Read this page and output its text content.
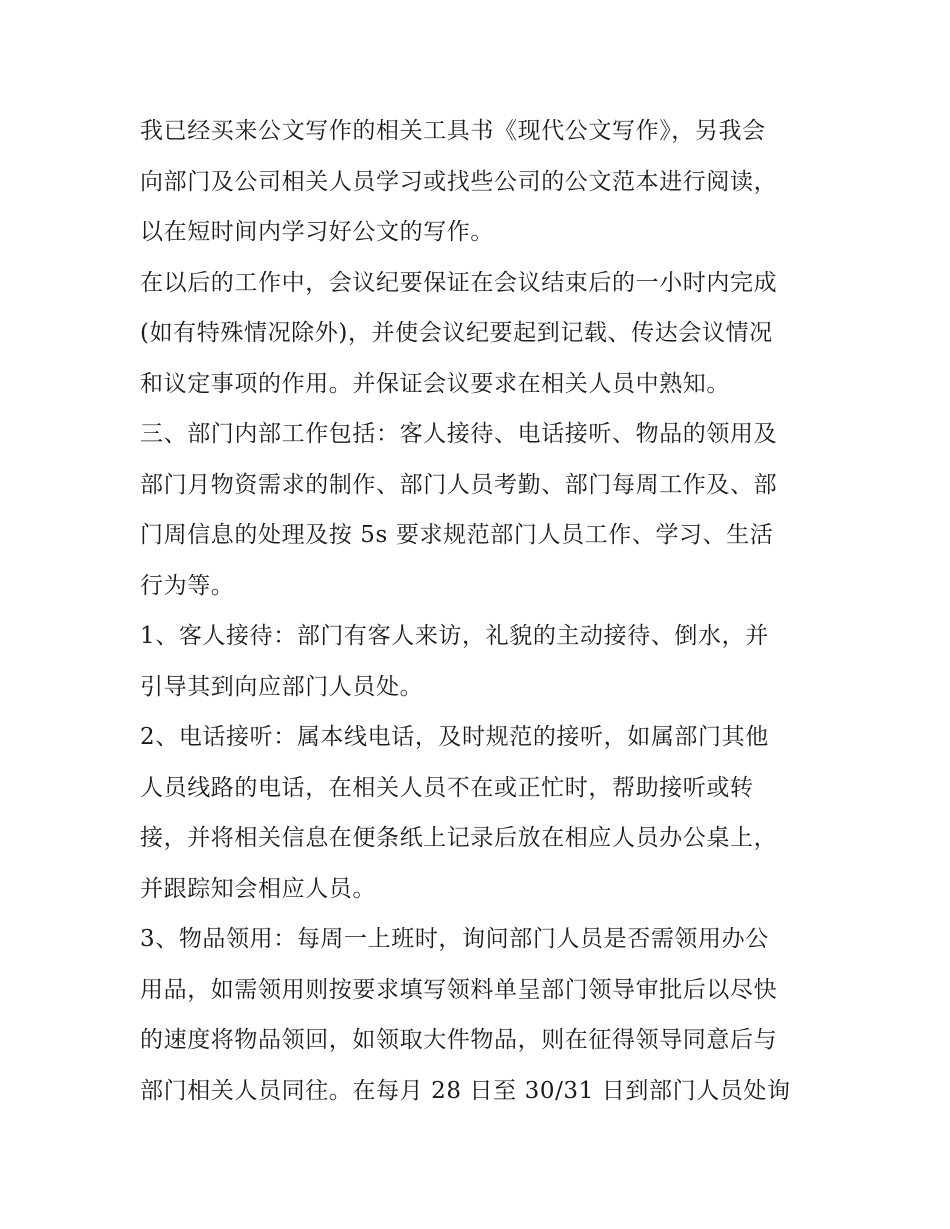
我已经买来公文写作的相关工具书《现代公文写作》，另我会
向部门及公司相关人员学习或找些公司的公文范本进行阅读，
以在短时间内学习好公文的写作。
在以后的工作中，会议纪要保证在会议结束后的一小时内完成
(如有特殊情况除外)，并使会议纪要起到记载、传达会议情况
和议定事项的作用。并保证会议要求在相关人员中熟知。
三、部门内部工作包括：客人接待、电话接听、物品的领用及
部门月物资需求的制作、部门人员考勤、部门每周工作及、部
门周信息的处理及按 5s 要求规范部门人员工作、学习、生活
行为等。
1、客人接待：部门有客人来访，礼貌的主动接待、倒水，并
引导其到向应部门人员处。
2、电话接听：属本线电话，及时规范的接听，如属部门其他
人员线路的电话，在相关人员不在或正忙时，帮助接听或转
接，并将相关信息在便条纸上记录后放在相应人员办公桌上，
并跟踪知会相应人员。
3、物品领用：每周一上班时，询问部门人员是否需领用办公
用品，如需领用则按要求填写领料单呈部门领导审批后以尽快
的速度将物品领回，如领取大件物品，则在征得领导同意后与
部门相关人员同往。在每月 28 日至 30/31 日到部门人员处询
